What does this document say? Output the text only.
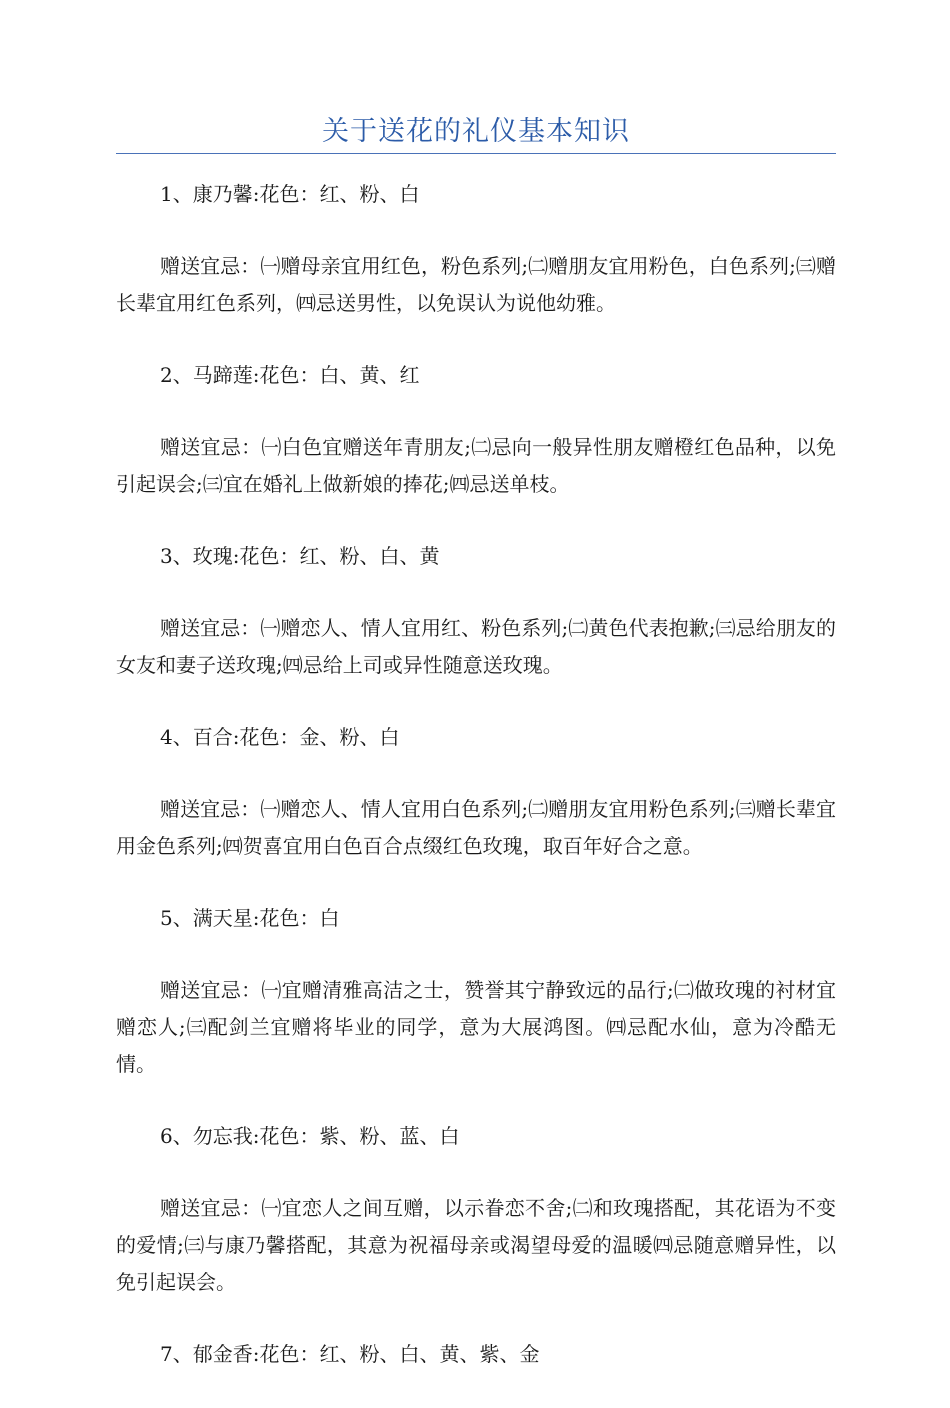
关于送花的礼仪基本知识

1、康乃馨:花色：红、粉、白

赠送宜忌：㈠赠母亲宜用红色，粉色系列;㈡赠朋友宜用粉色，白色系列;㈢赠长辈宜用红色系列，㈣忌送男性，以免误认为说他幼雅。

2、马蹄莲:花色：白、黄、红

赠送宜忌：㈠白色宜赠送年青朋友;㈡忌向一般异性朋友赠橙红色品种，以免引起误会;㈢宜在婚礼上做新娘的捧花;㈣忌送单枝。

3、玫瑰:花色：红、粉、白、黄

赠送宜忌：㈠赠恋人、情人宜用红、粉色系列;㈡黄色代表抱歉;㈢忌给朋友的女友和妻子送玫瑰;㈣忌给上司或异性随意送玫瑰。

4、百合:花色：金、粉、白

赠送宜忌：㈠赠恋人、情人宜用白色系列;㈡赠朋友宜用粉色系列;㈢赠长辈宜用金色系列;㈣贺喜宜用白色百合点缀红色玫瑰，取百年好合之意。

5、满天星:花色：白

赠送宜忌：㈠宜赠清雅高洁之士，赞誉其宁静致远的品行;㈡做玫瑰的衬材宜赠恋人;㈢配剑兰宜赠将毕业的同学，意为大展鸿图。㈣忌配水仙，意为冷酷无情。

6、勿忘我:花色：紫、粉、蓝、白

赠送宜忌：㈠宜恋人之间互赠，以示眷恋不舍;㈡和玫瑰搭配，其花语为不变的爱情;㈢与康乃馨搭配，其意为祝福母亲或渴望母爱的温暖㈣忌随意赠异性，以免引起误会。

7、郁金香:花色：红、粉、白、黄、紫、金
